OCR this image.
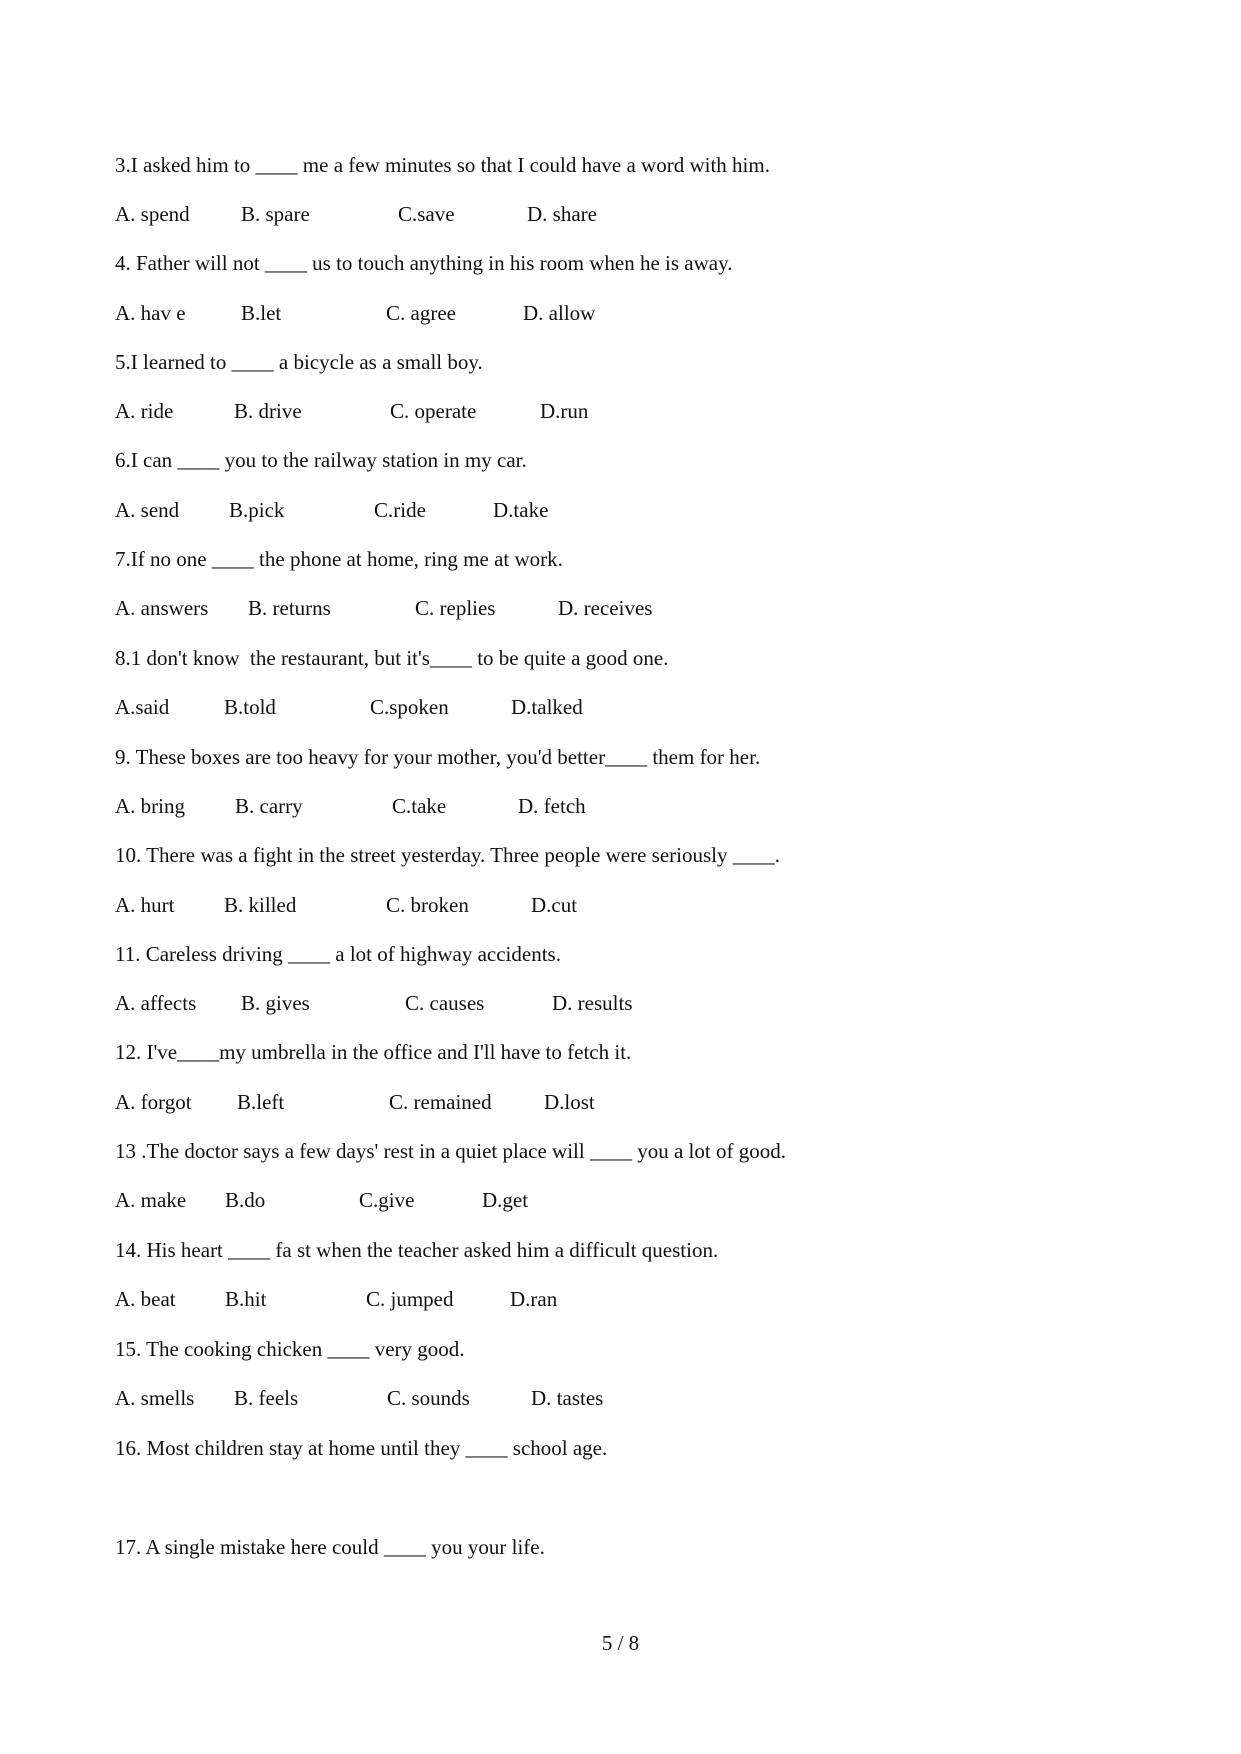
3.I asked him to ____ me a few minutes so that I could have a word with him.

A. spend B. spare	C.save	D. share

4. Father will not ____ us to touch anything in his room when he is away.

A. hav e	B.let	C. agree	D. allow

5.I learned to ____ a bicycle as a small boy.

A. ride	B. drive	C. operate	D.run

6.I can ____ you to the railway station in my car.

A. send B.pick	C.ride	D.take

7.If no one ____ the phone at home, ring me at work.

A. answers B. returns	C. replies	D. receives

8.1 don't know  the restaurant, but it's____ to be quite a good one.

A.said	B.told	C.spoken	D.talked

9. These boxes are too heavy for your mother, you'd better____ them for her.

A. bring B. carry	C.take	D. fetch

10. There was a fight in the street yesterday. Three people were seriously ____.

A. hurt B. killed	C. broken	D.cut

11. Careless driving ____ a lot of highway accidents.

A. affects B. gives	C. causes	D. results

12. I've____my umbrella in the office and I'll have to fetch it.

A. forgot B.left	C. remained D.lost

13 .The doctor says a few days' rest in a quiet place will ____ you a lot of good.

A. make B.do	C.give	D.get

14. His heart ____ fa st when the teacher asked him a difficult question.

A. beat B.hit	C. jumped	D.ran

15. The cooking chicken ____ very good.

A. smells B. feels	C. sounds	D. tastes

16. Most children stay at home until they ____ school age.

17. A single mistake here could ____ you your life.

5 / 8
